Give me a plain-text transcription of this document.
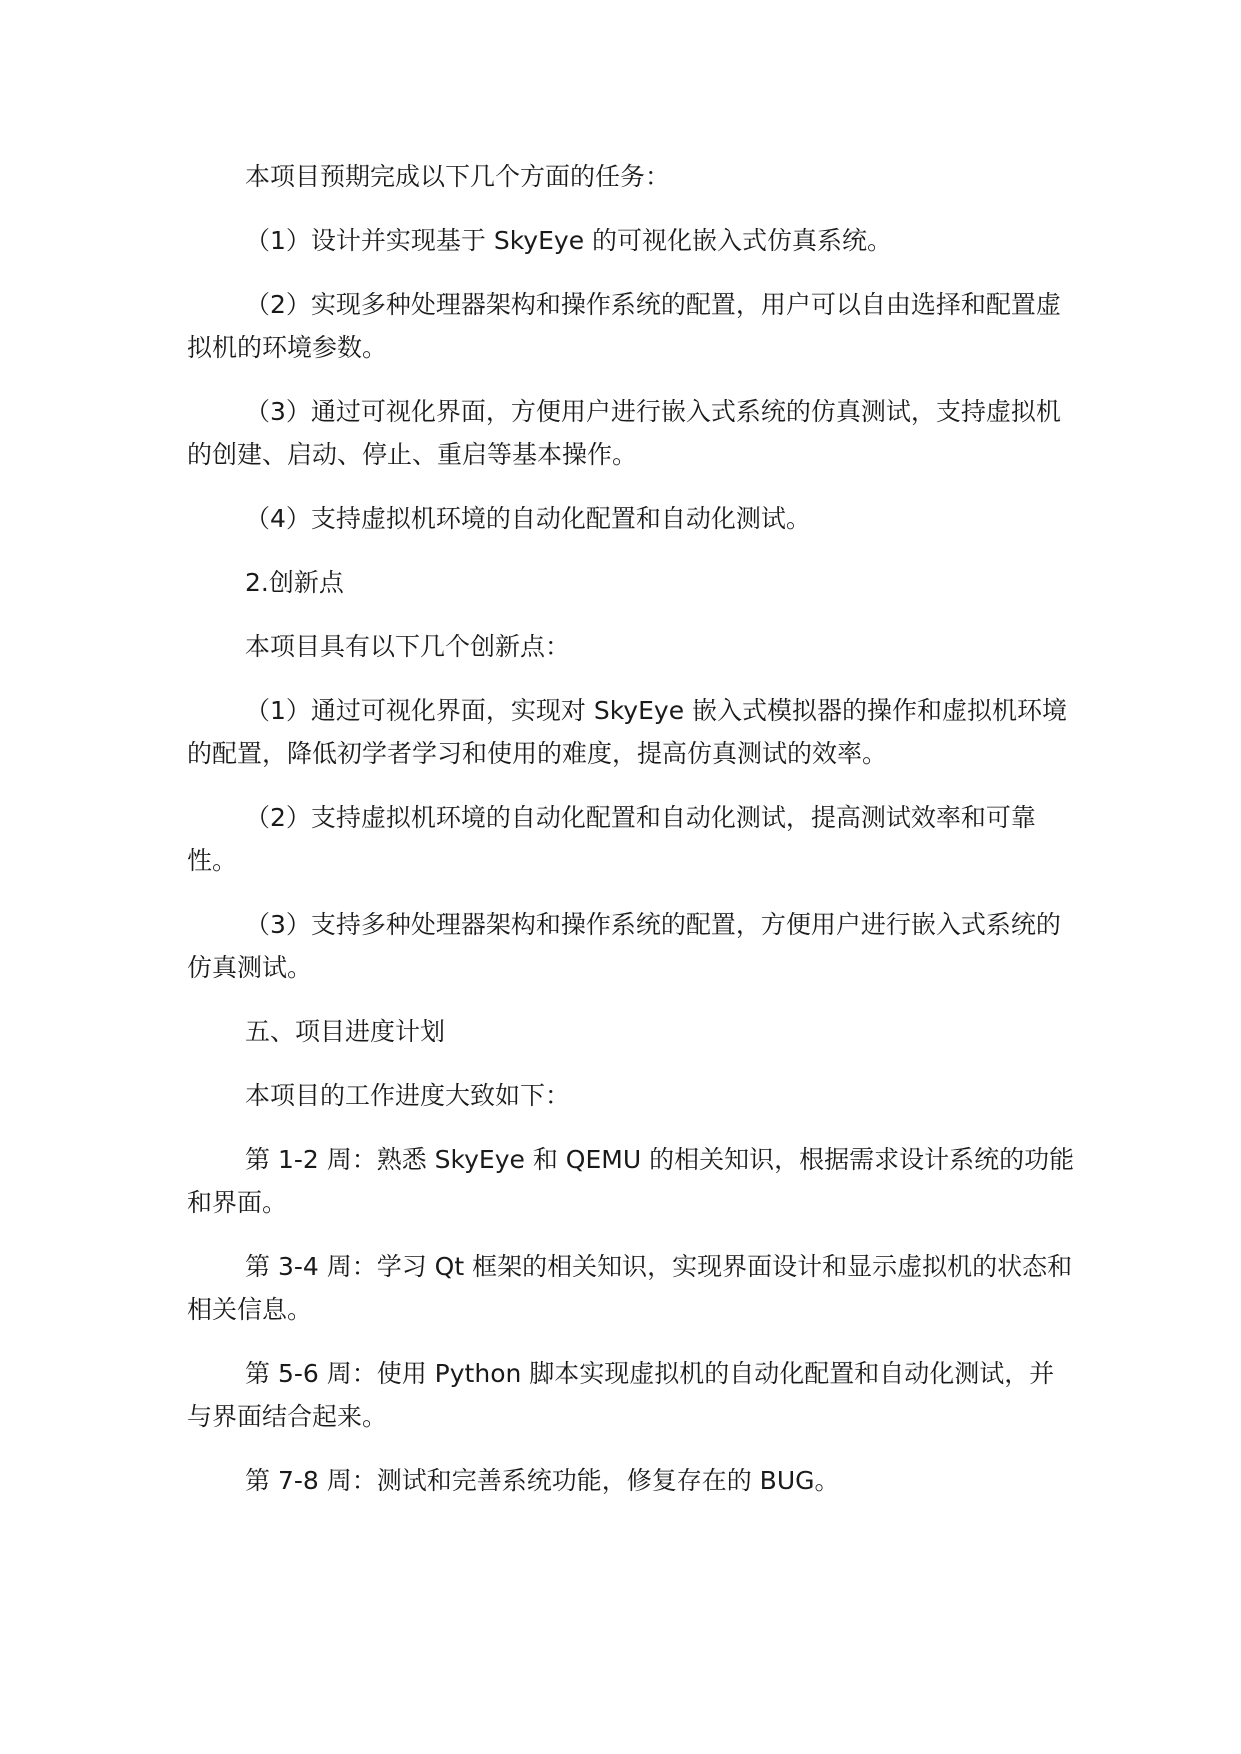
本项目预期完成以下几个方面的任务：

（1）设计并实现基于 SkyEye 的可视化嵌入式仿真系统。

（2）实现多种处理器架构和操作系统的配置，用户可以自由选择和配置虚拟机的环境参数。

（3）通过可视化界面，方便用户进行嵌入式系统的仿真测试，支持虚拟机的创建、启动、停止、重启等基本操作。

（4）支持虚拟机环境的自动化配置和自动化测试。

2.创新点

本项目具有以下几个创新点：

（1）通过可视化界面，实现对 SkyEye 嵌入式模拟器的操作和虚拟机环境的配置，降低初学者学习和使用的难度，提高仿真测试的效率。

（2）支持虚拟机环境的自动化配置和自动化测试，提高测试效率和可靠性。

（3）支持多种处理器架构和操作系统的配置，方便用户进行嵌入式系统的仿真测试。

五、项目进度计划

本项目的工作进度大致如下：

第 1-2 周：熟悉 SkyEye 和 QEMU 的相关知识，根据需求设计系统的功能和界面。

第 3-4 周：学习 Qt 框架的相关知识，实现界面设计和显示虚拟机的状态和相关信息。

第 5-6 周：使用 Python 脚本实现虚拟机的自动化配置和自动化测试，并与界面结合起来。

第 7-8 周：测试和完善系统功能，修复存在的 BUG。
